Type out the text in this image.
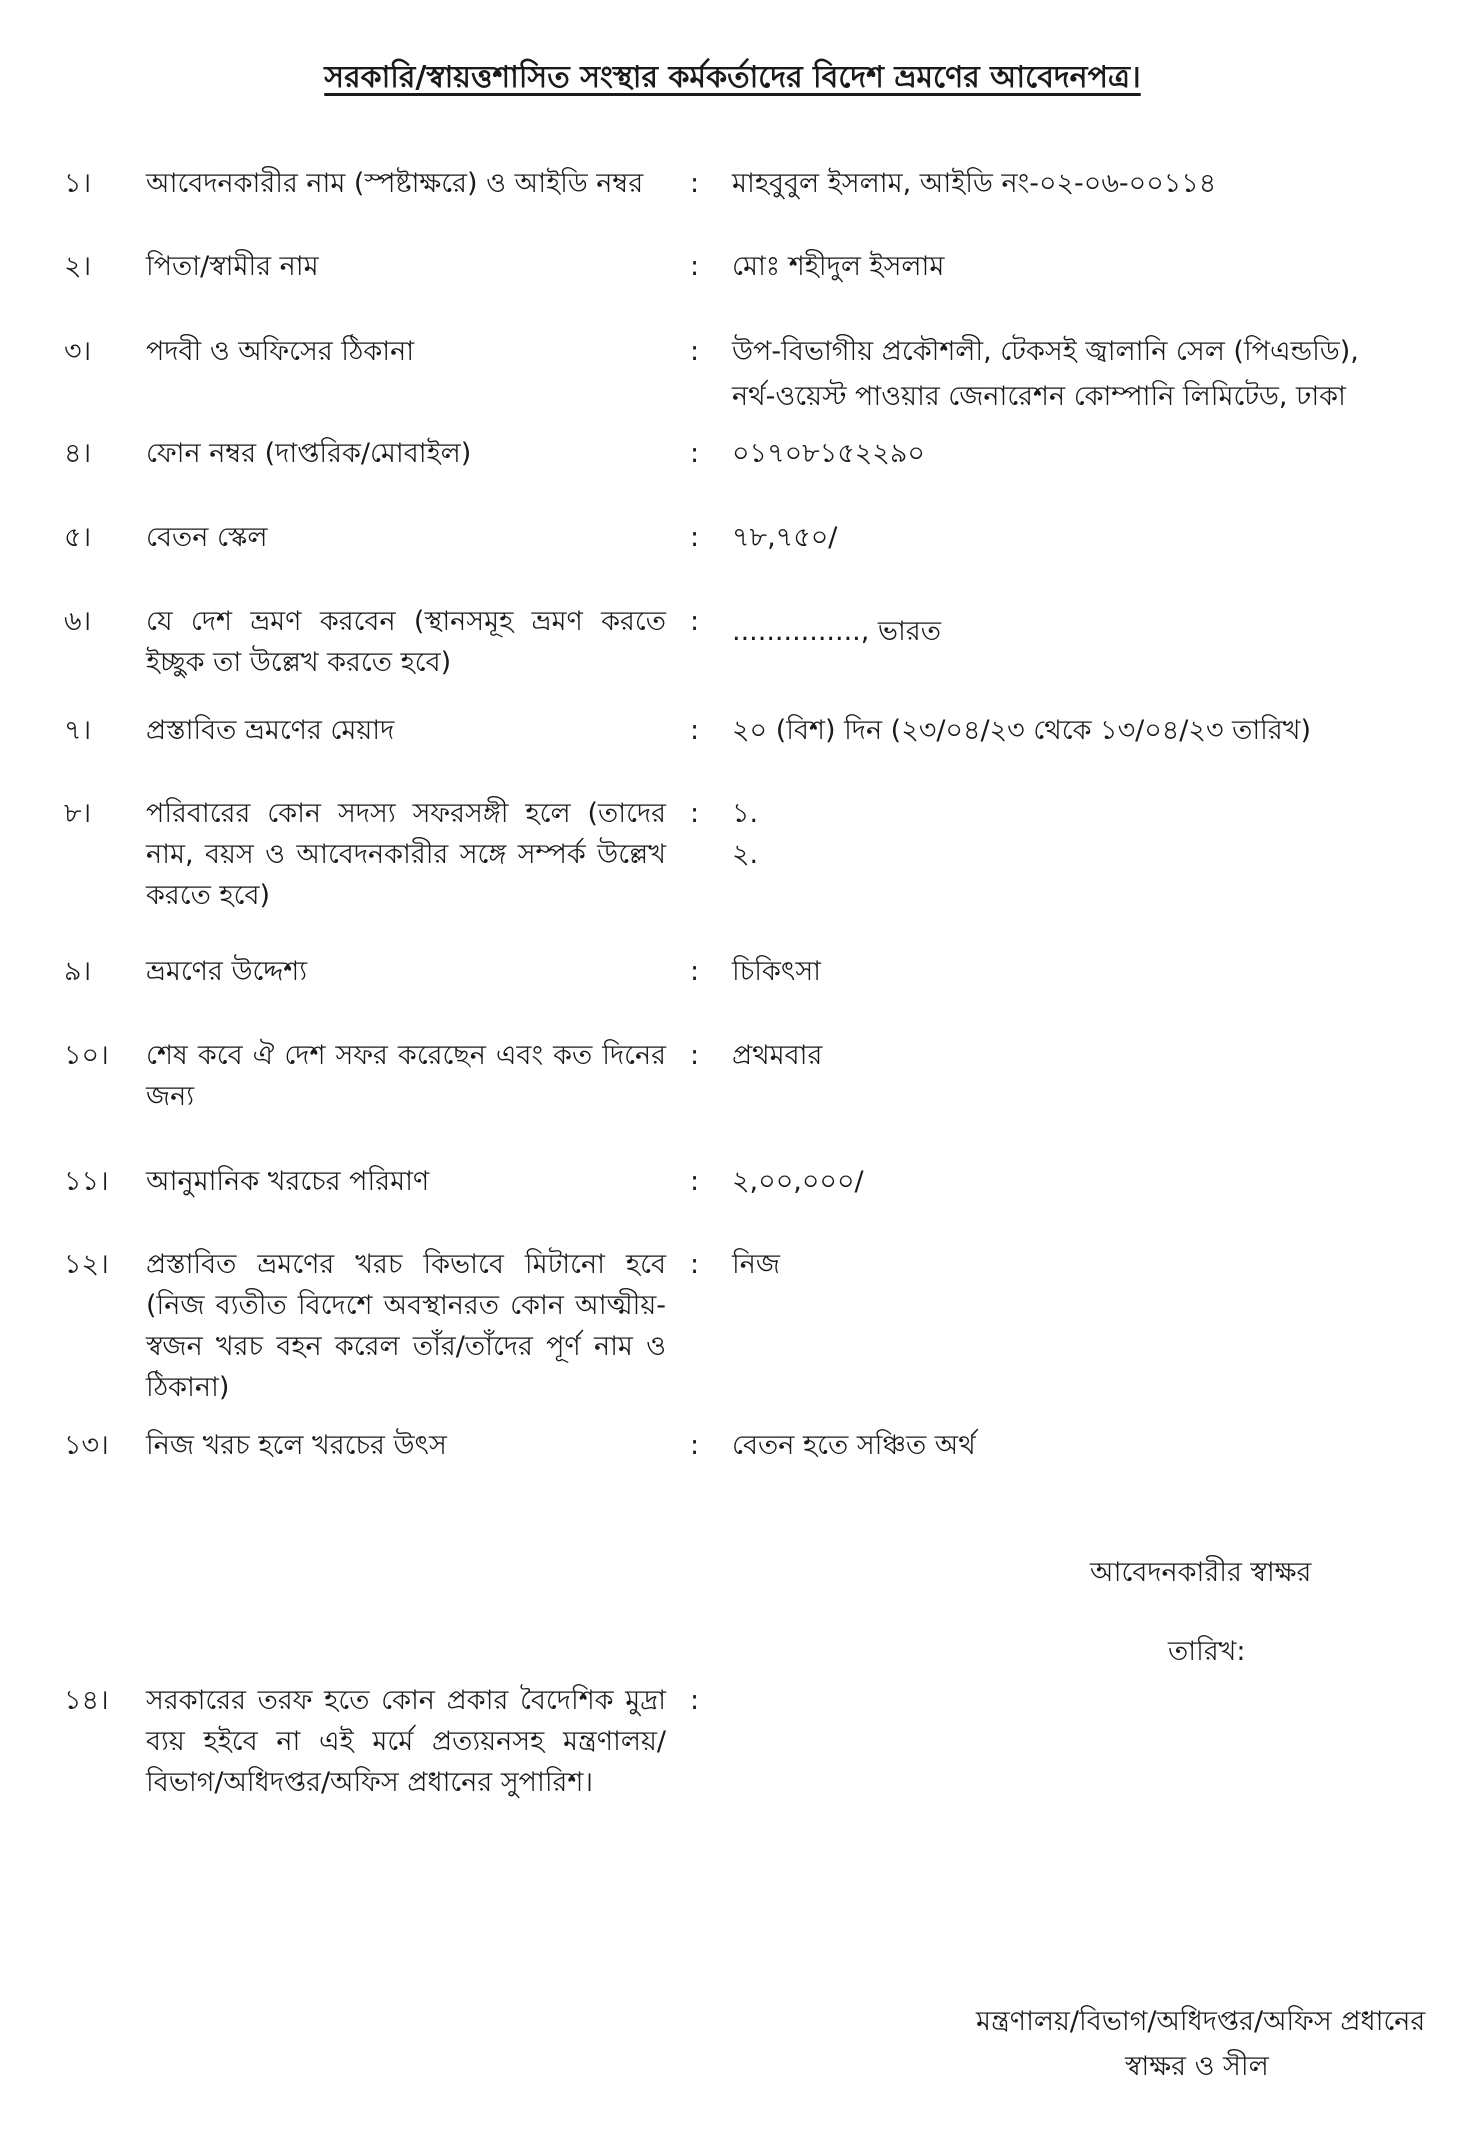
সরকারি/স্বায়ত্তশাসিত সংস্থার কর্মকর্তাদের বিদেশ ভ্রমণের আবেদনপত্র।
১।	আবেদনকারীর নাম (স্পষ্টাক্ষরে) ও আইডি নম্বর	:	মাহবুবুল ইসলাম, আইডি নং-০২-০৬-০০১১৪
২।	পিতা/স্বামীর নাম	:	মোঃ শহীদুল ইসলাম
৩।	পদবী ও অফিসের ঠিকানা	:	উপ-বিভাগীয় প্রকৌশলী, টেকসই জ্বালানি সেল (পিএন্ডডি),
নর্থ-ওয়েস্ট পাওয়ার জেনারেশন কোম্পানি লিমিটেড, ঢাকা
৪।	ফোন নম্বর (দাপ্তরিক/মোবাইল)	:	০১৭০৮১৫২২৯০
৫।	বেতন স্কেল	:	৭৮,৭৫০/
৬।	যে দেশ ভ্রমণ করবেন (স্থানসমূহ ভ্রমণ করতে ইচ্ছুক তা উল্লেখ করতে হবে)
:	..............., ভারত
৭।	প্রস্তাবিত ভ্রমণের মেয়াদ	:	২০ (বিশ) দিন (২৩/০৪/২৩ থেকে ১৩/০৪/২৩ তারিখ)
৮।	পরিবারের কোন সদস্য সফরসঙ্গী হলে (তাদের নাম, বয়স ও আবেদনকারীর সঙ্গে সম্পর্ক উল্লেখ করতে হবে)
:	১.
২.
৯।	ভ্রমণের উদ্দেশ্য	:	চিকিৎসা
১০।	শেষ কবে ঐ দেশ সফর করেছেন এবং কত দিনের জন্য
:	প্রথমবার
১১।	আনুমানিক খরচের পরিমাণ	:	২,০০,০০০/
১২।	প্রস্তাবিত ভ্রমণের খরচ কিভাবে মিটানো হবে (নিজ ব্যতীত বিদেশে অবস্থানরত কোন আত্মীয়-স্বজন খরচ বহন করেল তাঁর/তাঁদের পূর্ণ নাম ও ঠিকানা)
:	নিজ
১৩।	নিজ খরচ হলে খরচের উৎস	:	বেতন হতে সঞ্চিত অর্থ
আবেদনকারীর স্বাক্ষর
তারিখ:
১৪।	সরকারের তরফ হতে কোন প্রকার বৈদেশিক মুদ্রা ব্যয় হইবে না এই মর্মে প্রত্যয়নসহ মন্ত্রণালয়/বিভাগ/অধিদপ্তর/অফিস প্রধানের সুপারিশ।
:
মন্ত্রণালয়/বিভাগ/অধিদপ্তর/অফিস প্রধানের
স্বাক্ষর ও সীল
